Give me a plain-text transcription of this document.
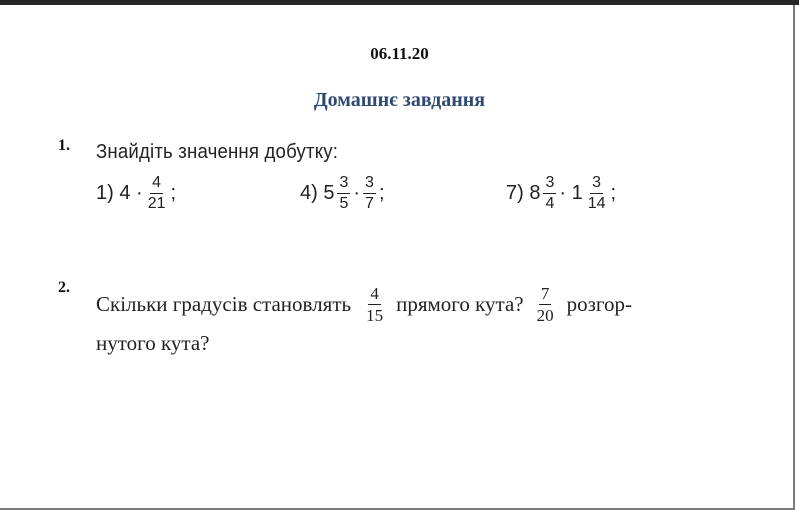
06.11.20
Домашнє завдання
1. Знайдіть значення добутку:
1) $4 \cdot \frac{4}{21}$ ;	4) $5 \frac{3}{5} \cdot \frac{3}{7}$ ;	7) $8 \frac{3}{4} \cdot 1 \frac{3}{14}$ ;
2.
Скільки градусів становлять $\frac{4}{15}$ прямого кута? $\frac{7}{20}$ розгор-
нутого кута?
